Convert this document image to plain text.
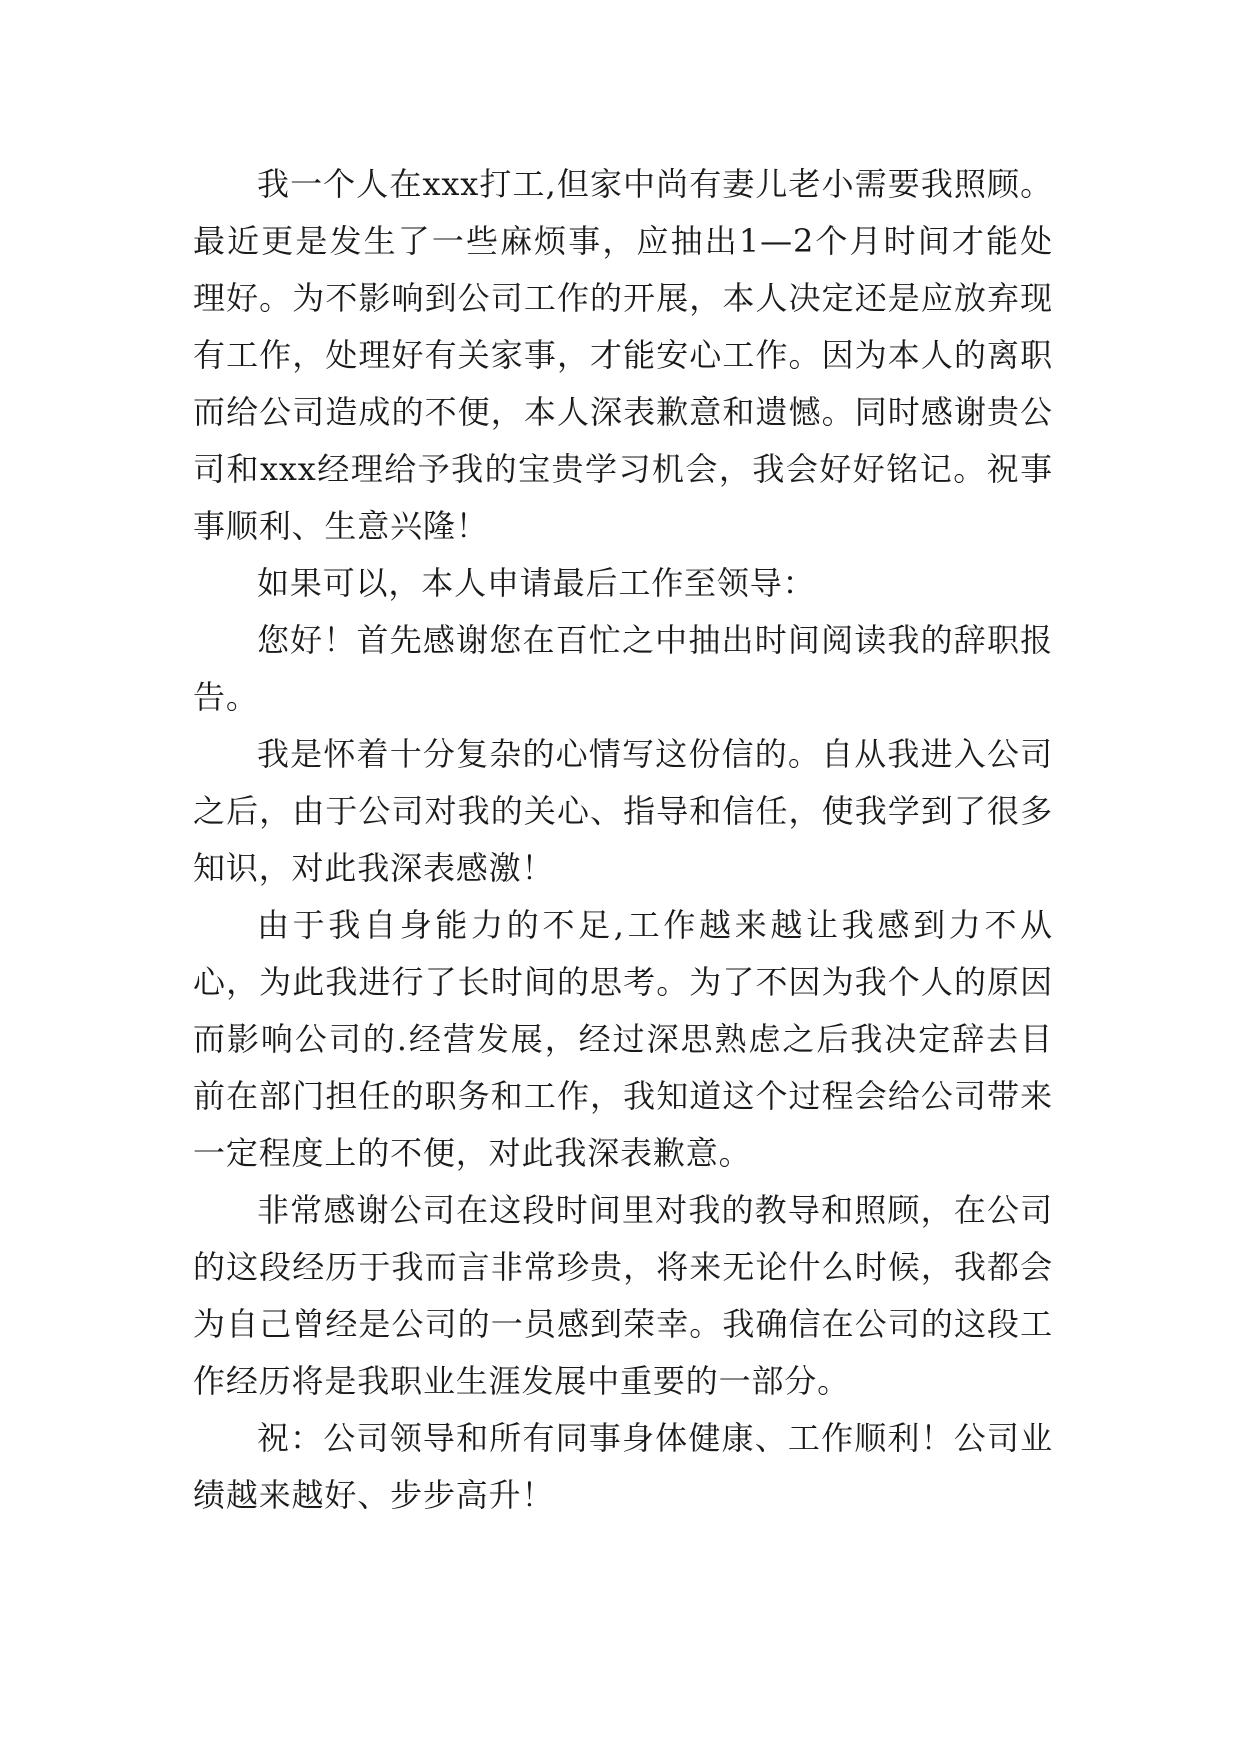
我一个人在xxx打工,但家中尚有妻儿老小需要我照顾。最近更是发生了一些麻烦事，应抽出1—2个月时间才能处理好。为不影响到公司工作的开展，本人决定还是应放弃现有工作，处理好有关家事，才能安心工作。因为本人的离职而给公司造成的不便，本人深表歉意和遗憾。同时感谢贵公司和xxx经理给予我的宝贵学习机会，我会好好铭记。祝事事顺利、生意兴隆！

如果可以，本人申请最后工作至领导：

您好！首先感谢您在百忙之中抽出时间阅读我的辞职报告。

我是怀着十分复杂的心情写这份信的。自从我进入公司之后，由于公司对我的关心、指导和信任，使我学到了很多知识，对此我深表感激！

由于我自身能力的不足,工作越来越让我感到力不从心，为此我进行了长时间的思考。为了不因为我个人的原因而影响公司的.经营发展，经过深思熟虑之后我决定辞去目前在部门担任的职务和工作，我知道这个过程会给公司带来一定程度上的不便，对此我深表歉意。

非常感谢公司在这段时间里对我的教导和照顾，在公司的这段经历于我而言非常珍贵，将来无论什么时候，我都会为自己曾经是公司的一员感到荣幸。我确信在公司的这段工作经历将是我职业生涯发展中重要的一部分。

祝：公司领导和所有同事身体健康、工作顺利！公司业绩越来越好、步步高升！
